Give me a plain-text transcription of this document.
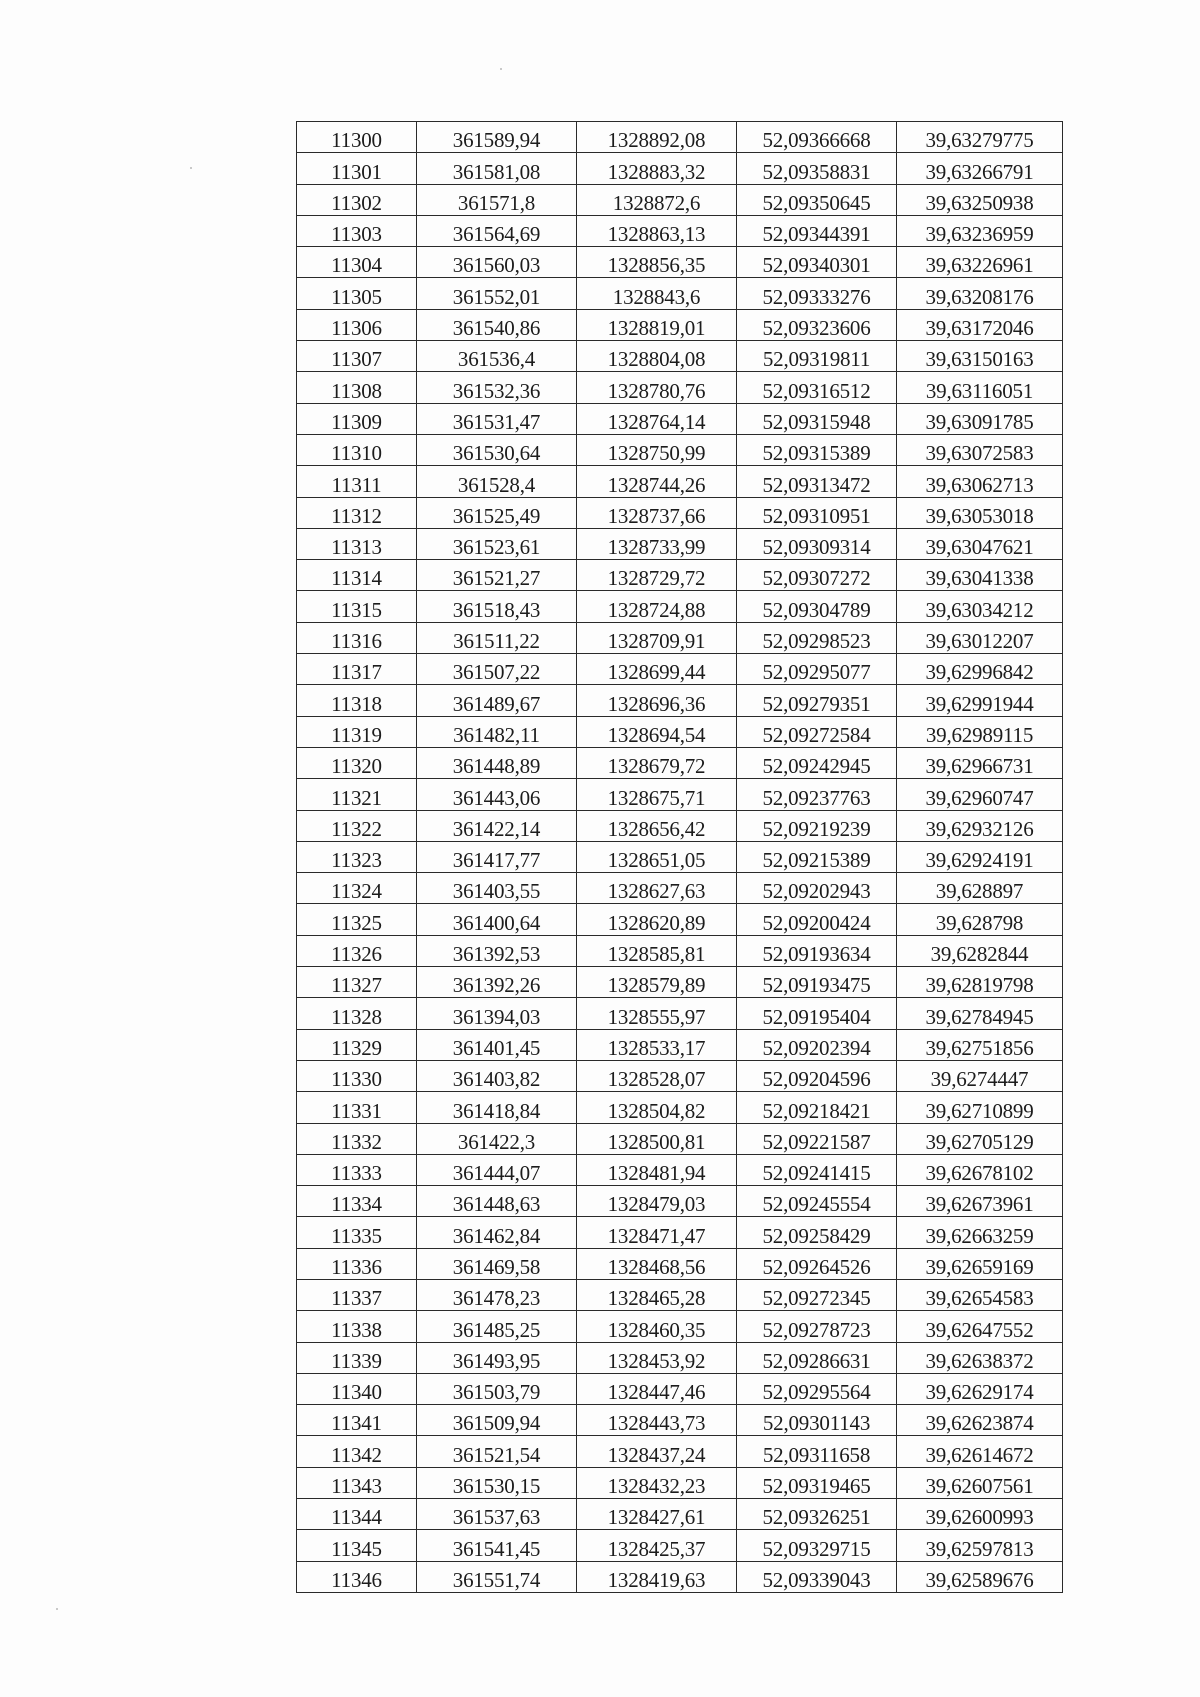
11300	361589,94	1328892,08	52,09366668	39,63279775
11301	361581,08	1328883,32	52,09358831	39,63266791
11302	361571,8	1328872,6	52,09350645	39,63250938
11303	361564,69	1328863,13	52,09344391	39,63236959
11304	361560,03	1328856,35	52,09340301	39,63226961
11305	361552,01	1328843,6	52,09333276	39,63208176
11306	361540,86	1328819,01	52,09323606	39,63172046
11307	361536,4	1328804,08	52,09319811	39,63150163
11308	361532,36	1328780,76	52,09316512	39,63116051
11309	361531,47	1328764,14	52,09315948	39,63091785
11310	361530,64	1328750,99	52,09315389	39,63072583
11311	361528,4	1328744,26	52,09313472	39,63062713
11312	361525,49	1328737,66	52,09310951	39,63053018
11313	361523,61	1328733,99	52,09309314	39,63047621
11314	361521,27	1328729,72	52,09307272	39,63041338
11315	361518,43	1328724,88	52,09304789	39,63034212
11316	361511,22	1328709,91	52,09298523	39,63012207
11317	361507,22	1328699,44	52,09295077	39,62996842
11318	361489,67	1328696,36	52,09279351	39,62991944
11319	361482,11	1328694,54	52,09272584	39,62989115
11320	361448,89	1328679,72	52,09242945	39,62966731
11321	361443,06	1328675,71	52,09237763	39,62960747
11322	361422,14	1328656,42	52,09219239	39,62932126
11323	361417,77	1328651,05	52,09215389	39,62924191
11324	361403,55	1328627,63	52,09202943	39,628897
11325	361400,64	1328620,89	52,09200424	39,628798
11326	361392,53	1328585,81	52,09193634	39,6282844
11327	361392,26	1328579,89	52,09193475	39,62819798
11328	361394,03	1328555,97	52,09195404	39,62784945
11329	361401,45	1328533,17	52,09202394	39,62751856
11330	361403,82	1328528,07	52,09204596	39,6274447
11331	361418,84	1328504,82	52,09218421	39,62710899
11332	361422,3	1328500,81	52,09221587	39,62705129
11333	361444,07	1328481,94	52,09241415	39,62678102
11334	361448,63	1328479,03	52,09245554	39,62673961
11335	361462,84	1328471,47	52,09258429	39,62663259
11336	361469,58	1328468,56	52,09264526	39,62659169
11337	361478,23	1328465,28	52,09272345	39,62654583
11338	361485,25	1328460,35	52,09278723	39,62647552
11339	361493,95	1328453,92	52,09286631	39,62638372
11340	361503,79	1328447,46	52,09295564	39,62629174
11341	361509,94	1328443,73	52,09301143	39,62623874
11342	361521,54	1328437,24	52,09311658	39,62614672
11343	361530,15	1328432,23	52,09319465	39,62607561
11344	361537,63	1328427,61	52,09326251	39,62600993
11345	361541,45	1328425,37	52,09329715	39,62597813
11346	361551,74	1328419,63	52,09339043	39,62589676
